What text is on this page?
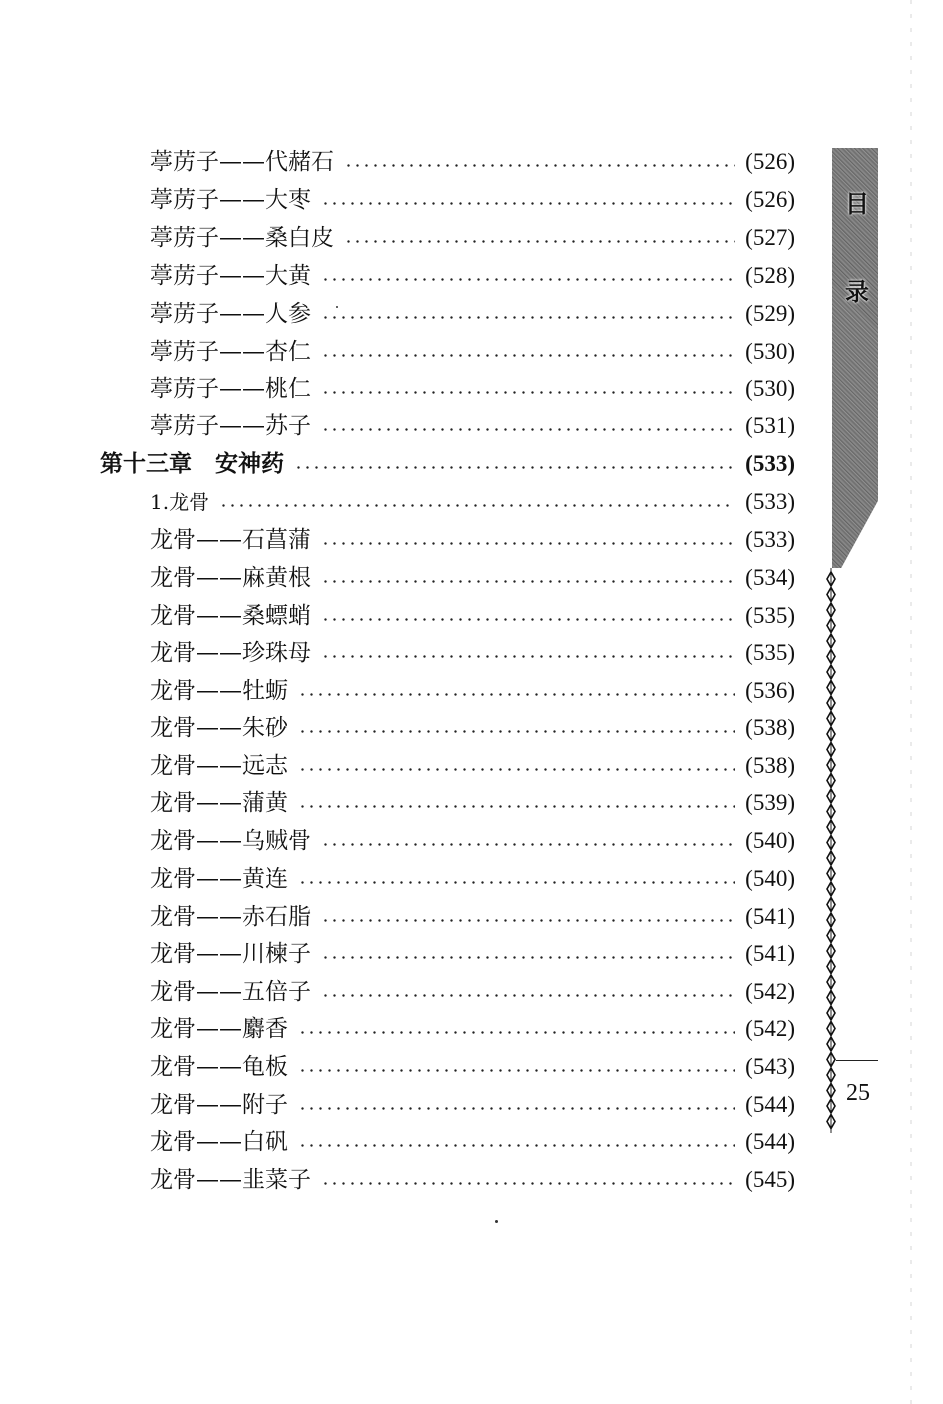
葶苈子——代赭石	(526)
葶苈子——大枣	(526)
葶苈子——桑白皮	(527)
葶苈子——大黄	(528)
葶苈子——人参	(529)
葶苈子——杏仁	(530)
葶苈子——桃仁	(530)
葶苈子——苏子	(531)
第十三章　安神药	(533)
1.龙骨	(533)
龙骨——石菖蒲	(533)
龙骨——麻黄根	(534)
龙骨——桑螵蛸	(535)
龙骨——珍珠母	(535)
龙骨——牡蛎	(536)
龙骨——朱砂	(538)
龙骨——远志	(538)
龙骨——蒲黄	(539)
龙骨——乌贼骨	(540)
龙骨——黄连	(540)
龙骨——赤石脂	(541)
龙骨——川楝子	(541)
龙骨——五倍子	(542)
龙骨——麝香	(542)
龙骨——龟板	(543)
龙骨——附子	(544)
龙骨——白矾	(544)
龙骨——韭菜子	(545)
目
录
25
